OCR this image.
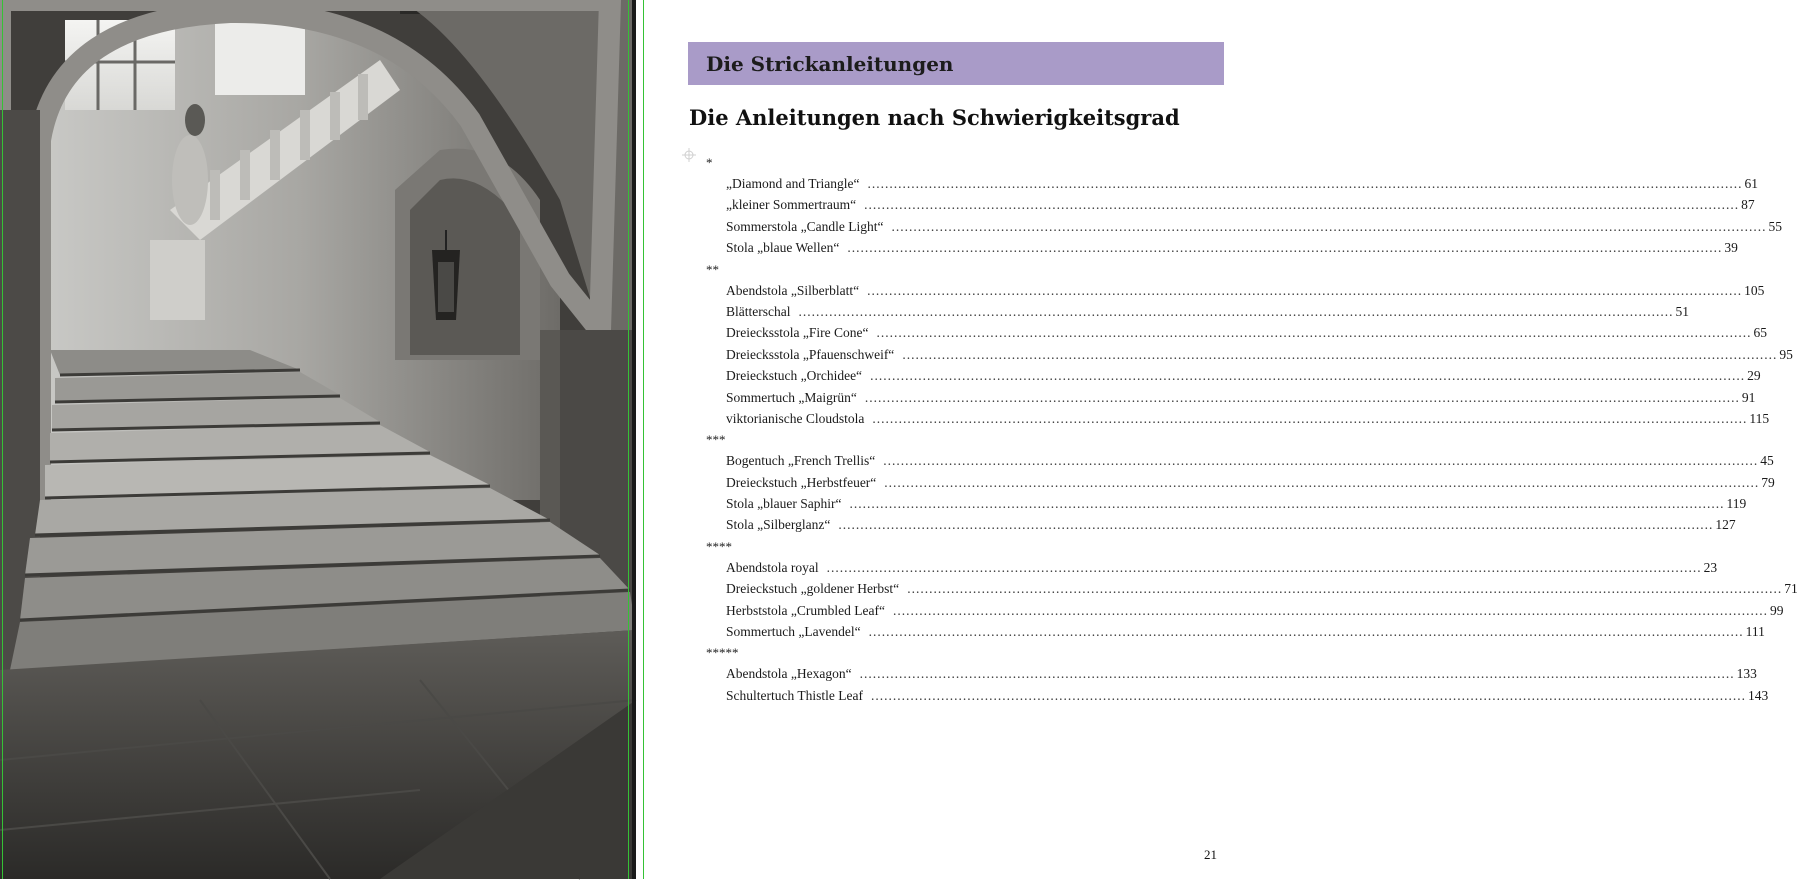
Die Strickanleitungen
Die Anleitungen nach Schwierigkeitsgrad
*
„Diamond and Triangle“ ........................................................................................................................................................................................................ 61
„kleiner Sommertraum“ ........................................................................................................................................................................................................ 87
Sommerstola „Candle Light“ ........................................................................................................................................................................................................ 55
Stola „blaue Wellen“ ........................................................................................................................................................................................................ 39
**
Abendstola „Silberblatt“ ........................................................................................................................................................................................................ 105
Blätterschal ........................................................................................................................................................................................................ 51
Dreiecksstola „Fire Cone“ ........................................................................................................................................................................................................ 65
Dreiecksstola „Pfauenschweif“ ........................................................................................................................................................................................................ 95
Dreieckstuch „Orchidee“ ........................................................................................................................................................................................................ 29
Sommertuch „Maigrün“ ........................................................................................................................................................................................................ 91
viktorianische Cloudstola ........................................................................................................................................................................................................ 115
***
Bogentuch „French Trellis“ ........................................................................................................................................................................................................ 45
Dreieckstuch „Herbstfeuer“ ........................................................................................................................................................................................................ 79
Stola „blauer Saphir“ ........................................................................................................................................................................................................ 119
Stola „Silberglanz“ ........................................................................................................................................................................................................ 127
****
Abendstola royal ........................................................................................................................................................................................................ 23
Dreieckstuch „goldener Herbst“ ........................................................................................................................................................................................................ 71
Herbststola „Crumbled Leaf“ ........................................................................................................................................................................................................ 99
Sommertuch „Lavendel“ ........................................................................................................................................................................................................ 111
*****
Abendstola „Hexagon“ ........................................................................................................................................................................................................ 133
Schultertuch Thistle Leaf ........................................................................................................................................................................................................ 143
21
